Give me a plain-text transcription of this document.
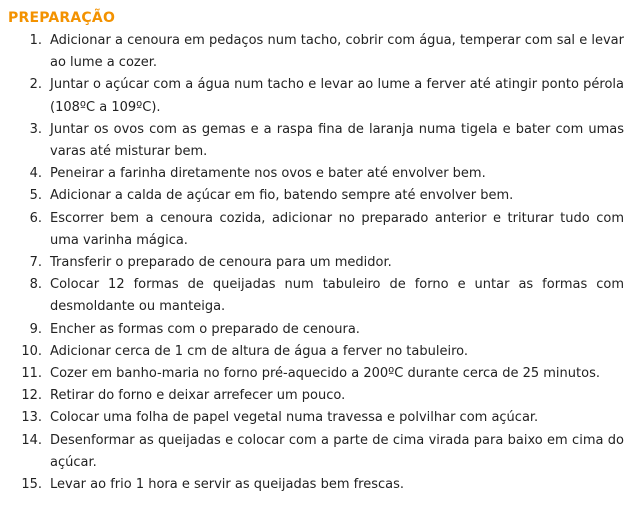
PREPARAÇÃO
1. Adicionar a cenoura em pedaços num tacho, cobrir com água, temperar com sal e levar ao lume a cozer.
2. Juntar o açúcar com a água num tacho e levar ao lume a ferver até atingir ponto pérola (108ºC a 109ºC).
3. Juntar os ovos com as gemas e a raspa fina de laranja numa tigela e bater com umas varas até misturar bem.
4. Peneirar a farinha diretamente nos ovos e bater até envolver bem.
5. Adicionar a calda de açúcar em fio, batendo sempre até envolver bem.
6. Escorrer bem a cenoura cozida, adicionar no preparado anterior e triturar tudo com uma varinha mágica.
7. Transferir o preparado de cenoura para um medidor.
8. Colocar 12 formas de queijadas num tabuleiro de forno e untar as formas com desmoldante ou manteiga.
9. Encher as formas com o preparado de cenoura.
10. Adicionar cerca de 1 cm de altura de água a ferver no tabuleiro.
11. Cozer em banho-maria no forno pré-aquecido a 200ºC durante cerca de 25 minutos.
12. Retirar do forno e deixar arrefecer um pouco.
13. Colocar uma folha de papel vegetal numa travessa e polvilhar com açúcar.
14. Desenformar as queijadas e colocar com a parte de cima virada para baixo em cima do açúcar.
15. Levar ao frio 1 hora e servir as queijadas bem frescas.
